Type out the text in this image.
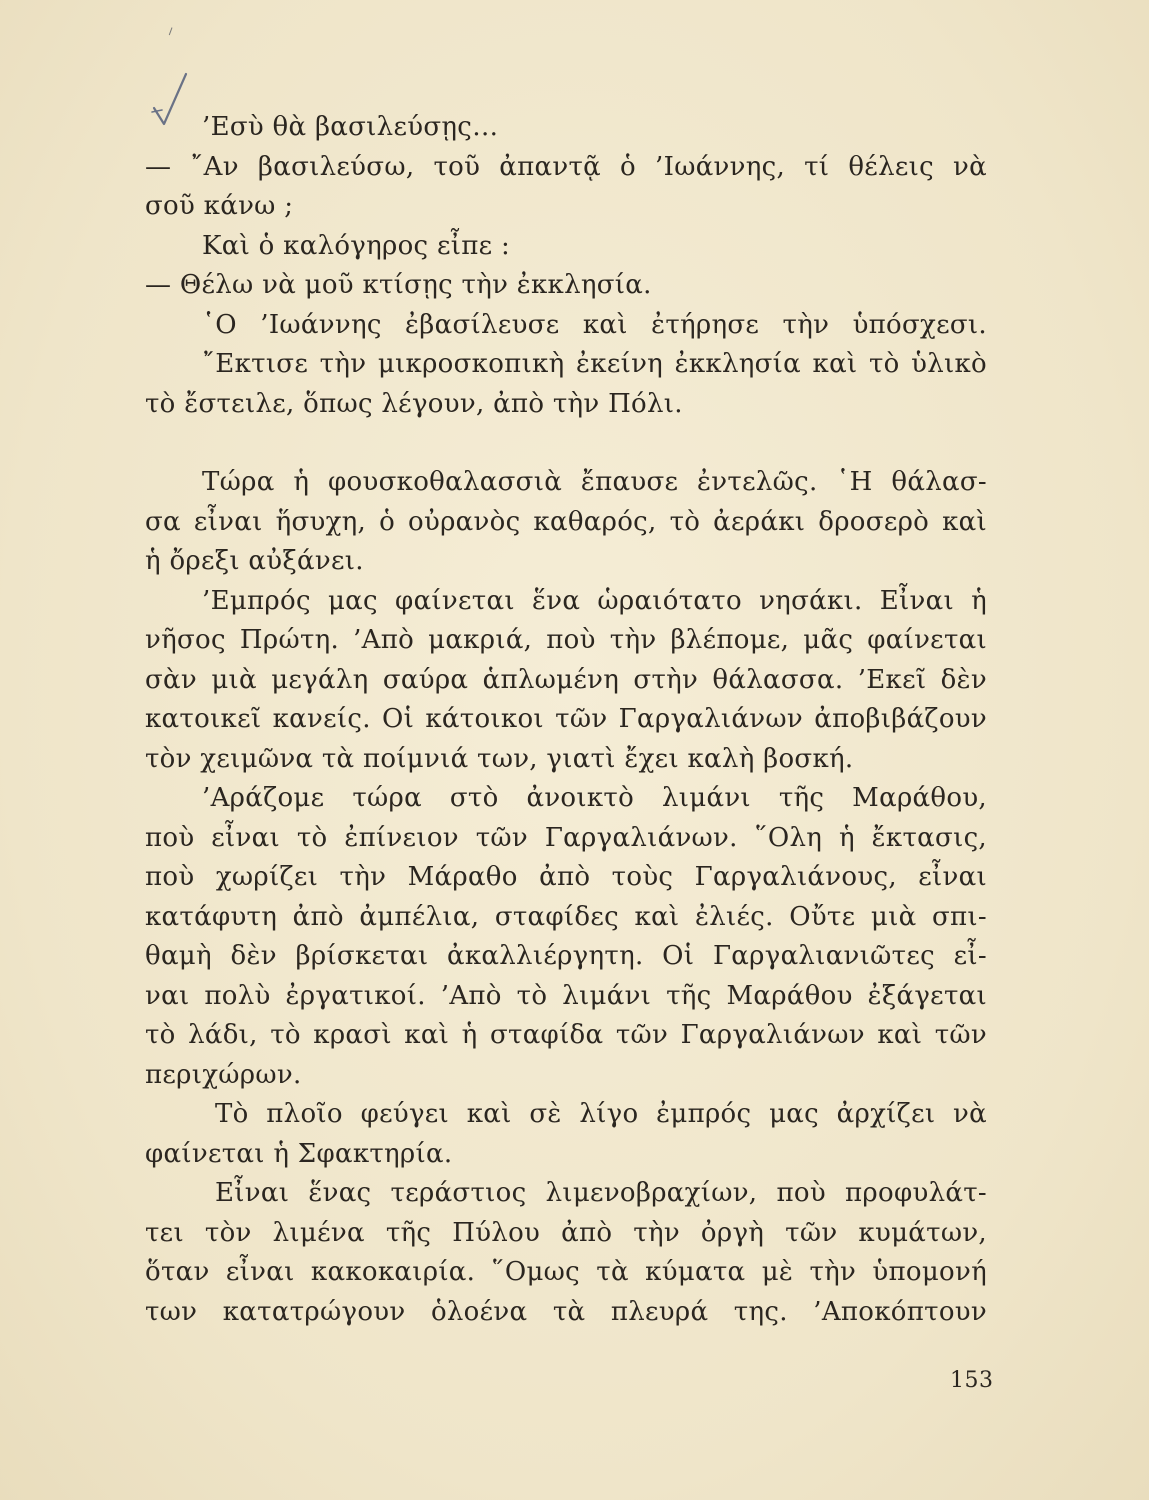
’Εσὺ θὰ βασιλεύσῃς…
— ῎Αν βασιλεύσω, τοῦ ἀπαντᾷ ὁ ’Ιωάννης, τί θέλεις νὰ
σοῦ κάνω ;
Καὶ ὁ καλόγηρος εἶπε :
— Θέλω νὰ μοῦ κτίσῃς τὴν ἐκκλησία.
῾Ο ’Ιωάννης ἐβασίλευσε καὶ ἐτήρησε τὴν ὑπόσχεσι.
῎Εκτισε τὴν μικροσκοπικὴ ἐκείνη ἐκκλησία καὶ τὸ ὑλικὸ
τὸ ἔστειλε, ὅπως λέγουν, ἀπὸ τὴν Πόλι.
Τώρα ἡ φουσκοθαλασσιὰ ἔπαυσε ἐντελῶς. ῾Η θάλασ-
σα εἶναι ἥσυχη, ὁ οὐρανὸς καθαρός, τὸ ἀεράκι δροσερὸ καὶ
ἡ ὄρεξι αὐξάνει.
’Εμπρός μας φαίνεται ἕνα ὡραιότατο νησάκι. Εἶναι ἡ
νῆσος Πρώτη. ’Απὸ μακριά, ποὺ τὴν βλέπομε, μᾶς φαίνεται
σὰν μιὰ μεγάλη σαύρα ἁπλωμένη στὴν θάλασσα. ’Εκεῖ δὲν
κατοικεῖ κανείς. Οἱ κάτοικοι τῶν Γαργαλιάνων ἀποβιβάζουν
τὸν χειμῶνα τὰ ποίμνιά των, γιατὶ ἔχει καλὴ βοσκή.
’Αράζομε τώρα στὸ ἀνοικτὸ λιμάνι τῆς Μαράθου,
ποὺ εἶναι τὸ ἐπίνειον τῶν Γαργαλιάνων. ῞Ολη ἡ ἔκτασις,
ποὺ χωρίζει τὴν Μάραθο ἀπὸ τοὺς Γαργαλιάνους, εἶναι
κατάφυτη ἀπὸ ἀμπέλια, σταφίδες καὶ ἐλιές. Οὔτε μιὰ σπι-
θαμὴ δὲν βρίσκεται ἀκαλλιέργητη. Οἱ Γαργαλιανιῶτες εἶ-
ναι πολὺ ἐργατικοί. ’Απὸ τὸ λιμάνι τῆς Μαράθου ἐξάγεται
τὸ λάδι, τὸ κρασὶ καὶ ἡ σταφίδα τῶν Γαργαλιάνων καὶ τῶν
περιχώρων.
Τὸ πλοῖο φεύγει καὶ σὲ λίγο ἐμπρός μας ἀρχίζει νὰ
φαίνεται ἡ Σφακτηρία.
Εἶναι ἕνας τεράστιος λιμενοβραχίων, ποὺ προφυλάτ-
τει τὸν λιμένα τῆς Πύλου ἀπὸ τὴν ὀργὴ τῶν κυμάτων,
ὅταν εἶναι κακοκαιρία. ῞Ομως τὰ κύματα μὲ τὴν ὑπομονή
των κατατρώγουν ὁλοένα τὰ πλευρά της. ’Αποκόπτουν
153
